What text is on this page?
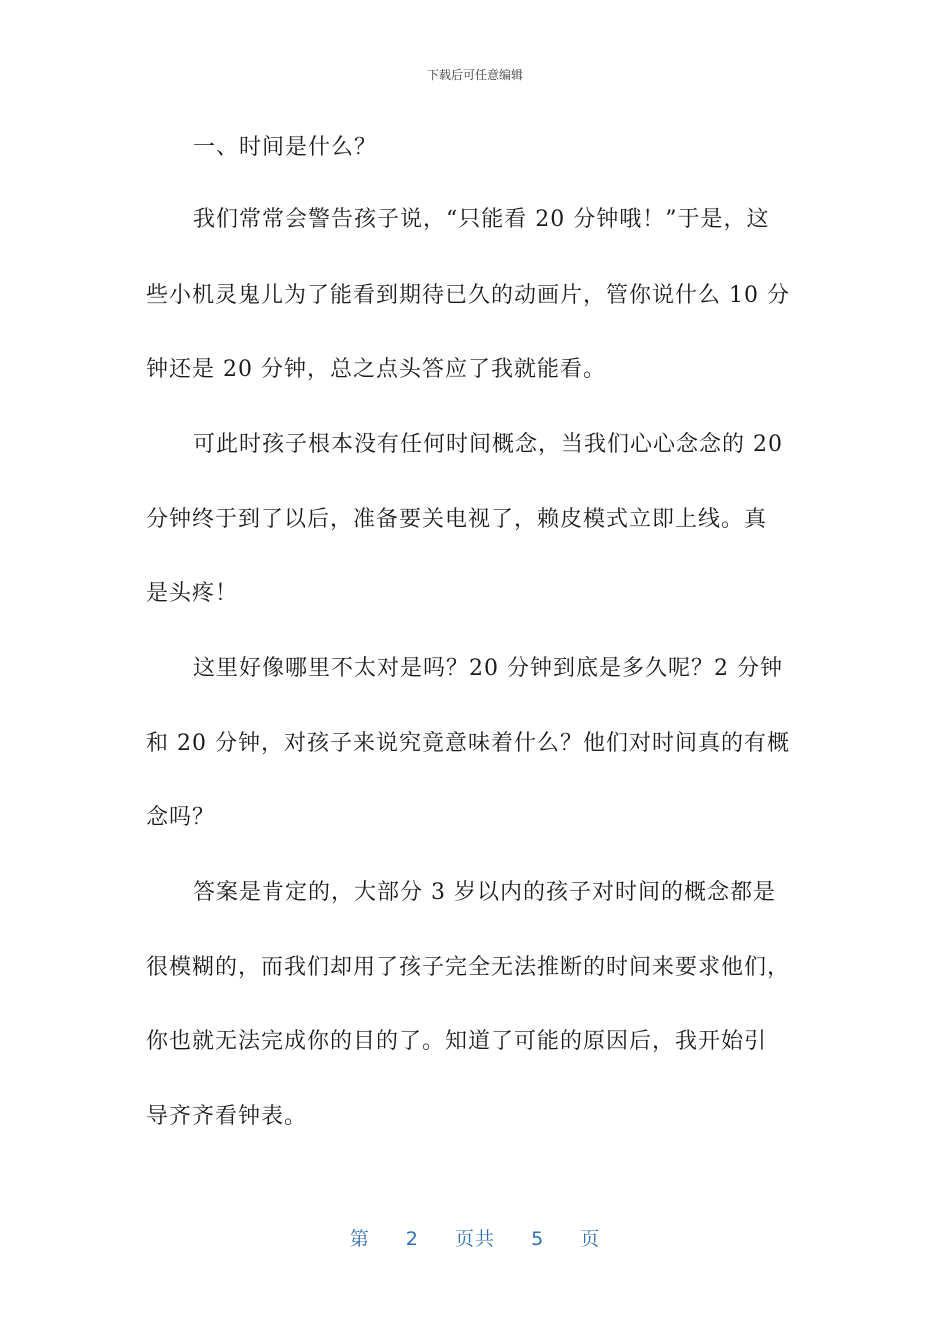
下载后可任意编辑
一、时间是什么？
我们常常会警告孩子说，“只能看 20 分钟哦！”于是，这
些小机灵鬼儿为了能看到期待已久的动画片，管你说什么 10 分
钟还是 20 分钟，总之点头答应了我就能看。
可此时孩子根本没有任何时间概念，当我们心心念念的 20
分钟终于到了以后，准备要关电视了，赖皮模式立即上线。真
是头疼！
这里好像哪里不太对是吗？20 分钟到底是多久呢？2 分钟
和 20 分钟，对孩子来说究竟意味着什么？他们对时间真的有概
念吗？
答案是肯定的，大部分 3 岁以内的孩子对时间的概念都是
很模糊的，而我们却用了孩子完全无法推断的时间来要求他们，
你也就无法完成你的目的了。知道了可能的原因后，我开始引
导齐齐看钟表。
第 2 页共 5 页
